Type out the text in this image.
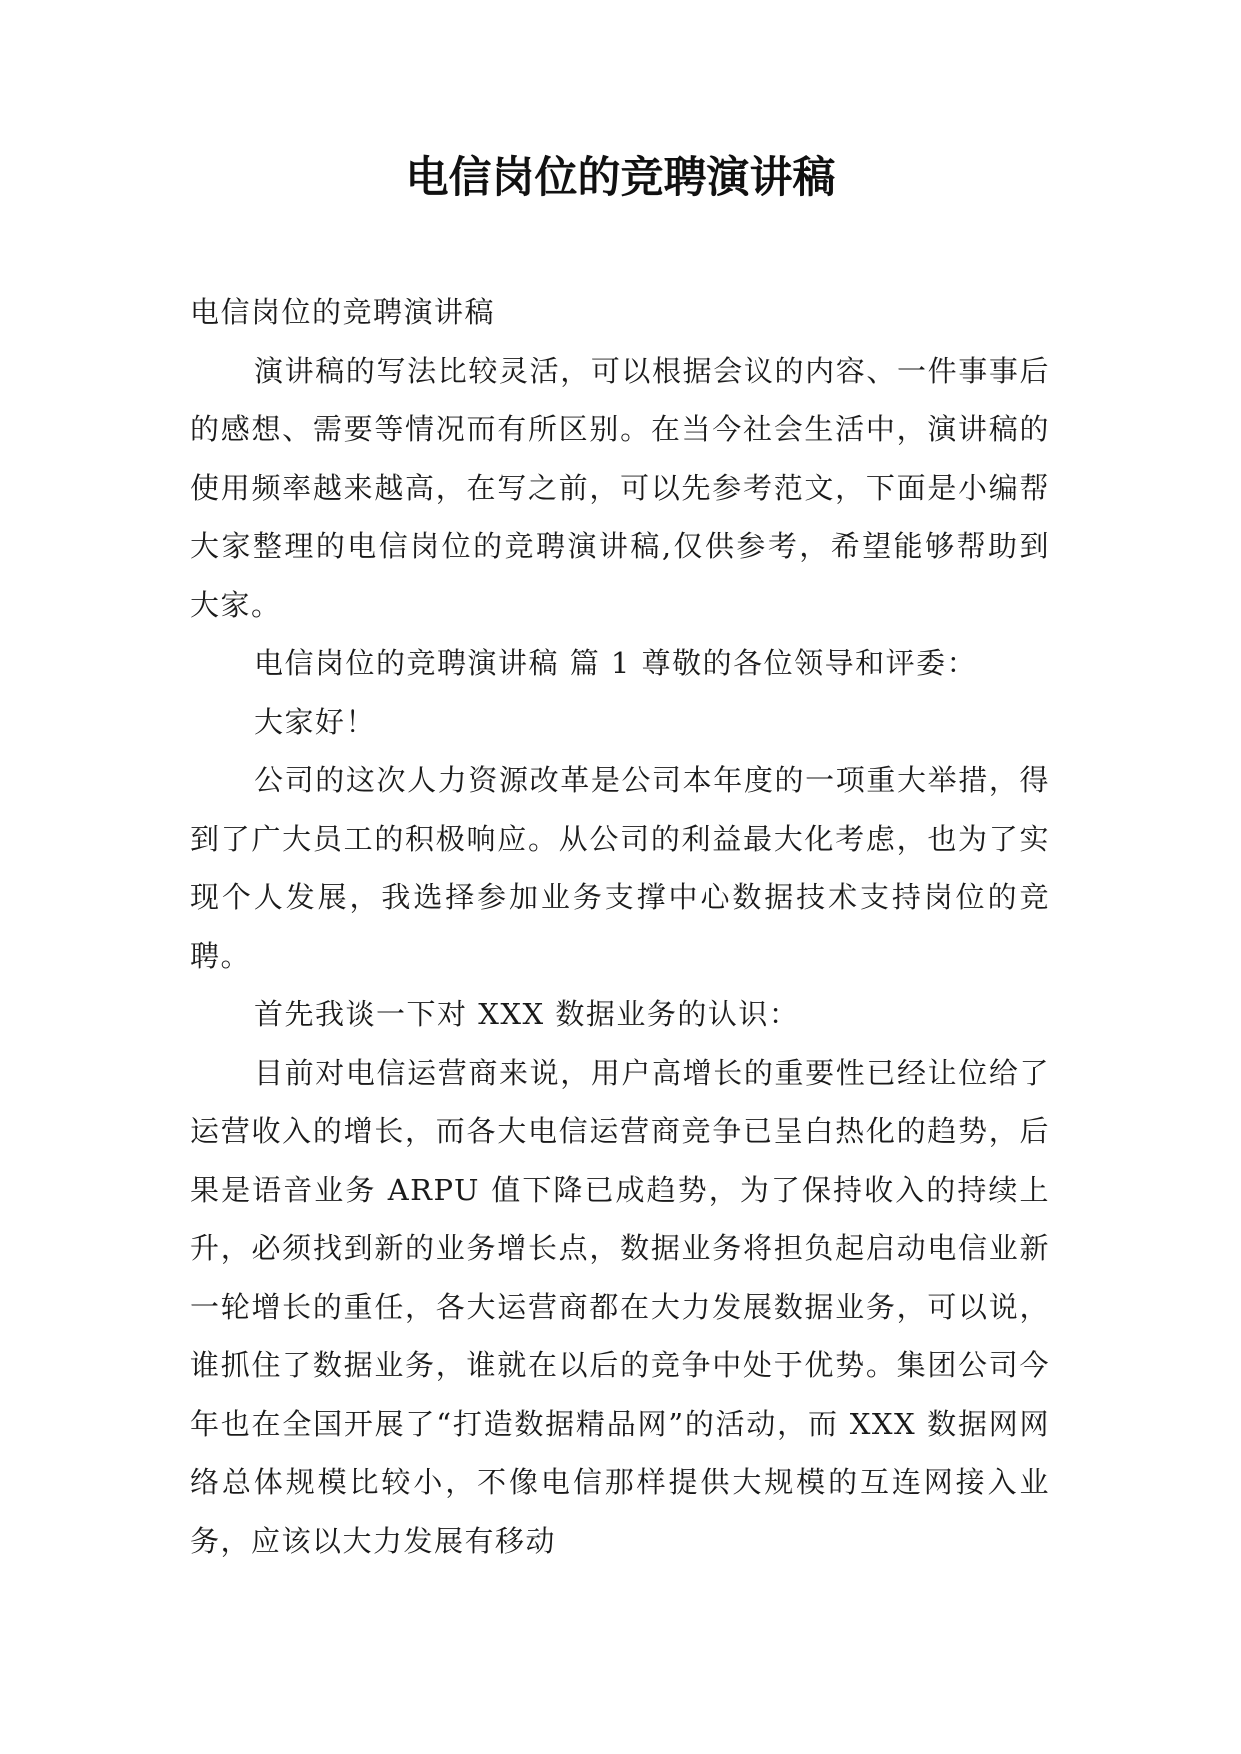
电信岗位的竞聘演讲稿

电信岗位的竞聘演讲稿

演讲稿的写法比较灵活，可以根据会议的内容、一件事事后的感想、需要等情况而有所区别。在当今社会生活中，演讲稿的使用频率越来越高，在写之前，可以先参考范文，下面是小编帮大家整理的电信岗位的竞聘演讲稿,仅供参考，希望能够帮助到大家。

电信岗位的竞聘演讲稿 篇 1 尊敬的各位领导和评委：

大家好！

公司的这次人力资源改革是公司本年度的一项重大举措，得到了广大员工的积极响应。从公司的利益最大化考虑，也为了实现个人发展，我选择参加业务支撑中心数据技术支持岗位的竞聘。

首先我谈一下对 XXX 数据业务的认识：

目前对电信运营商来说，用户高增长的重要性已经让位给了运营收入的增长，而各大电信运营商竞争已呈白热化的趋势，后果是语音业务 ARPU 值下降已成趋势，为了保持收入的持续上升，必须找到新的业务增长点，数据业务将担负起启动电信业新一轮增长的重任，各大运营商都在大力发展数据业务，可以说，谁抓住了数据业务，谁就在以后的竞争中处于优势。集团公司今年也在全国开展了“打造数据精品网”的活动，而 XXX 数据网网络总体规模比较小，不像电信那样提供大规模的互连网接入业务，应该以大力发展有移动
